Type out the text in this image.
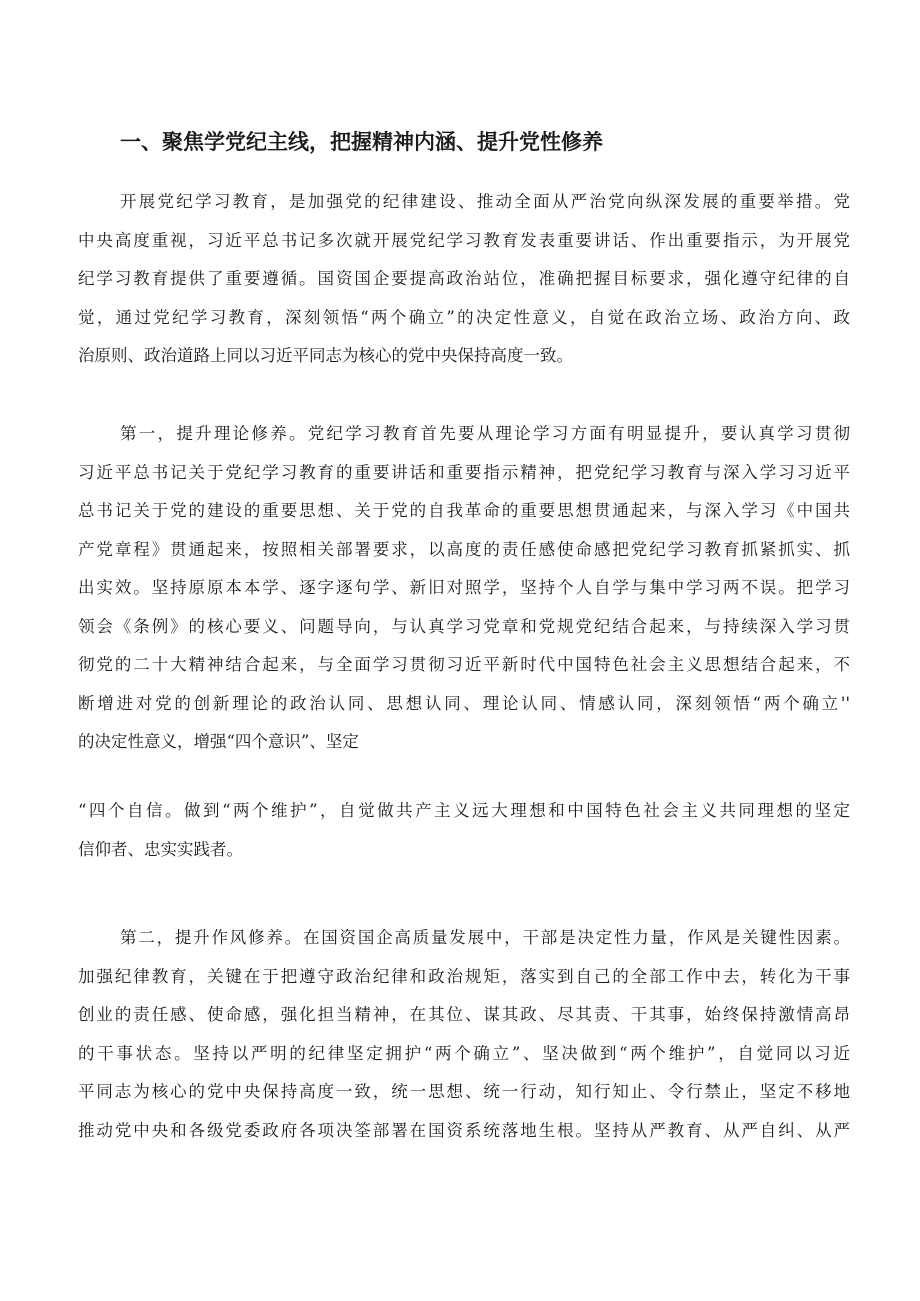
一、聚焦学党纪主线，把握精神内涵、提升党性修养
开展党纪学习教育，是加强党的纪律建设、推动全面从严治党向纵深发展的重要举措。党
中央高度重视，习近平总书记多次就开展党纪学习教育发表重要讲话、作出重要指示，为开展党
纪学习教育提供了重要遵循。国资国企要提高政治站位，准确把握目标要求，强化遵守纪律的自
觉，通过党纪学习教育，深刻领悟“两个确立”的决定性意义，自觉在政治立场、政治方向、政
治原则、政治道路上同以习近平同志为核心的党中央保持高度一致。
第一，提升理论修养。党纪学习教育首先要从理论学习方面有明显提升，要认真学习贯彻
习近平总书记关于党纪学习教育的重要讲话和重要指示精神，把党纪学习教育与深入学习习近平
总书记关于党的建设的重要思想、关于党的自我革命的重要思想贯通起来，与深入学习《中国共
产党章程》贯通起来，按照相关部署要求，以高度的责任感使命感把党纪学习教育抓紧抓实、抓
出实效。坚持原原本本学、逐字逐句学、新旧对照学，坚持个人自学与集中学习两不误。把学习
领会《条例》的核心要义、问题导向，与认真学习党章和党规党纪结合起来，与持续深入学习贯
彻党的二十大精神结合起来，与全面学习贯彻习近平新时代中国特色社会主义思想结合起来，不
断增进对党的创新理论的政治认同、思想认同、理论认同、情感认同，深刻领悟“两个确立''
的决定性意义，增强“四个意识”、坚定
“四个自信。做到“两个维护”，自觉做共产主义远大理想和中国特色社会主义共同理想的坚定
信仰者、忠实实践者。
第二，提升作风修养。在国资国企高质量发展中，干部是决定性力量，作风是关键性因素。
加强纪律教育，关键在于把遵守政治纪律和政治规矩，落实到自己的全部工作中去，转化为干事
创业的责任感、使命感，强化担当精神，在其位、谋其政、尽其责、干其事，始终保持激情高昂
的干事状态。坚持以严明的纪律坚定拥护“两个确立”、坚决做到“两个维护”，自觉同以习近
平同志为核心的党中央保持高度一致，统一思想、统一行动，知行知止、令行禁止，坚定不移地
推动党中央和各级党委政府各项决筌部署在国资系统落地生根。坚持从严教育、从严自纠、从严
